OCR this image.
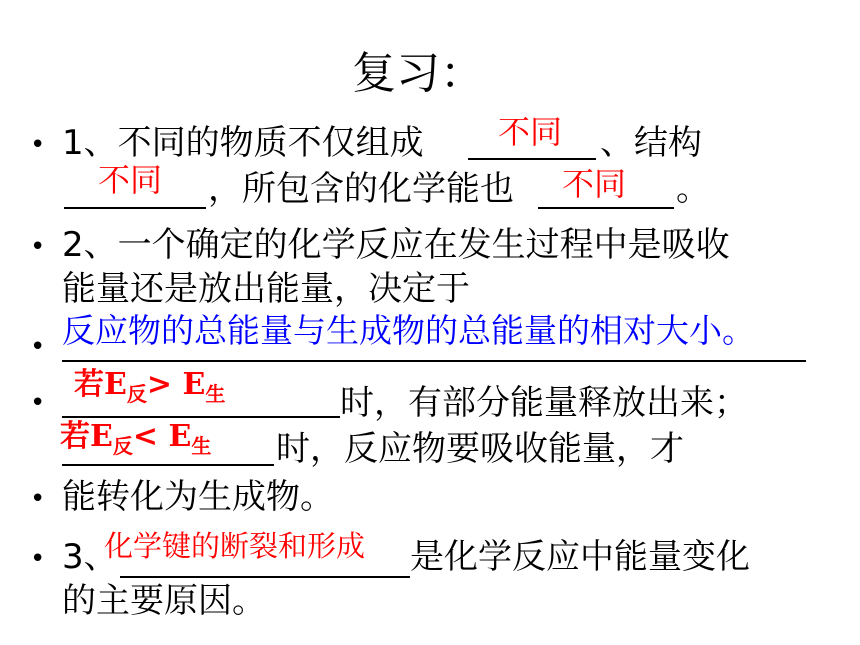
复习：
• 1、不同的物质不仅组成 不同 、结构
不同 ，所包含的化学能也 不同 。
• 2、一个确定的化学反应在发生过程中是吸收
能量还是放出能量，决定于
• 反应物的总能量与生成物的总能量的相对大小。
•
若$E_反> E_生$	时，有部分能量释放出来；
若$E_反< E_生$ 时，反应物要吸收能量，才
• 能转化为生成物。
• 3、
化学键的断裂和形成 是化学反应中能量变化
的主要原因。
